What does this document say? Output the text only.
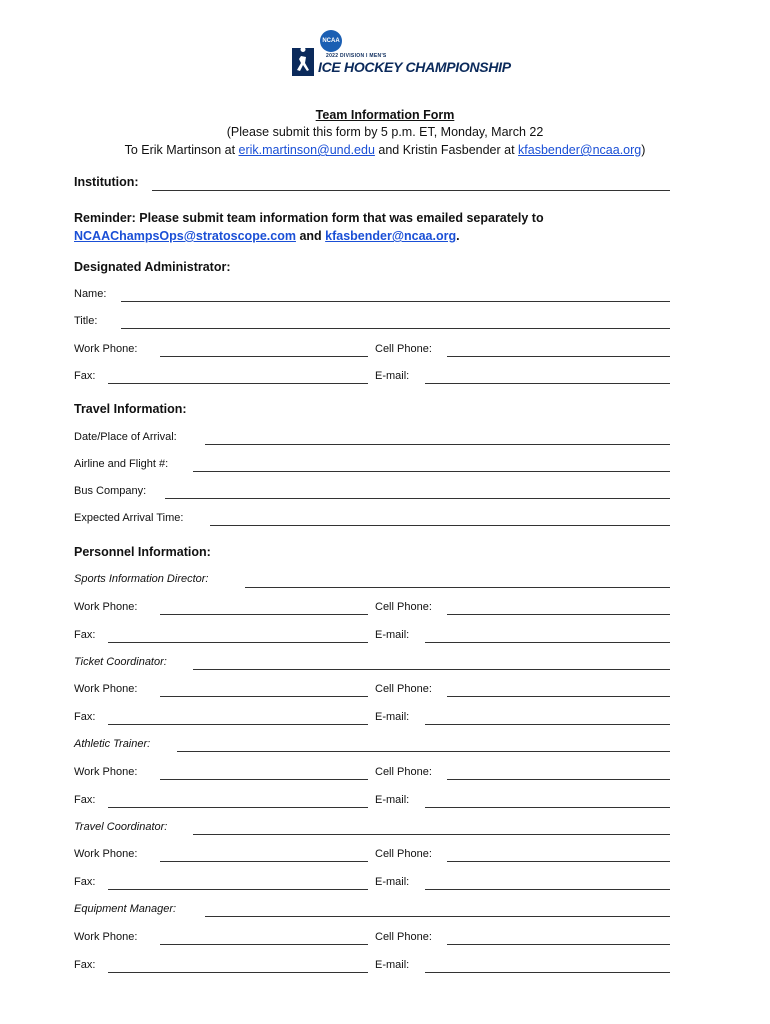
NCAA
2022 DIVISION I MEN'S
ICE HOCKEY CHAMPIONSHIP
Team Information Form
(Please submit this form by 5 p.m. ET, Monday, March 22
To Erik Martinson at erik.martinson@und.edu and Kristin Fasbender at kfasbender@ncaa.org)
Institution:
Reminder: Please submit team information form that was emailed separately to
NCAAChampsOps@stratoscope.com and kfasbender@ncaa.org.
Designated Administrator:
Name:
Title:
Work Phone:	Cell Phone:
Fax:	E-mail:
Travel Information:
Date/Place of Arrival:
Airline and Flight #:
Bus Company:
Expected Arrival Time:
Personnel Information:
Sports Information Director:
Work Phone:	Cell Phone:
Fax:	E-mail:
Ticket Coordinator:
Work Phone:	Cell Phone:
Fax:	E-mail:
Athletic Trainer:
Work Phone:	Cell Phone:
Fax:	E-mail:
Travel Coordinator:
Work Phone:	Cell Phone:
Fax:	E-mail:
Equipment Manager:
Work Phone:	Cell Phone:
Fax:	E-mail:
